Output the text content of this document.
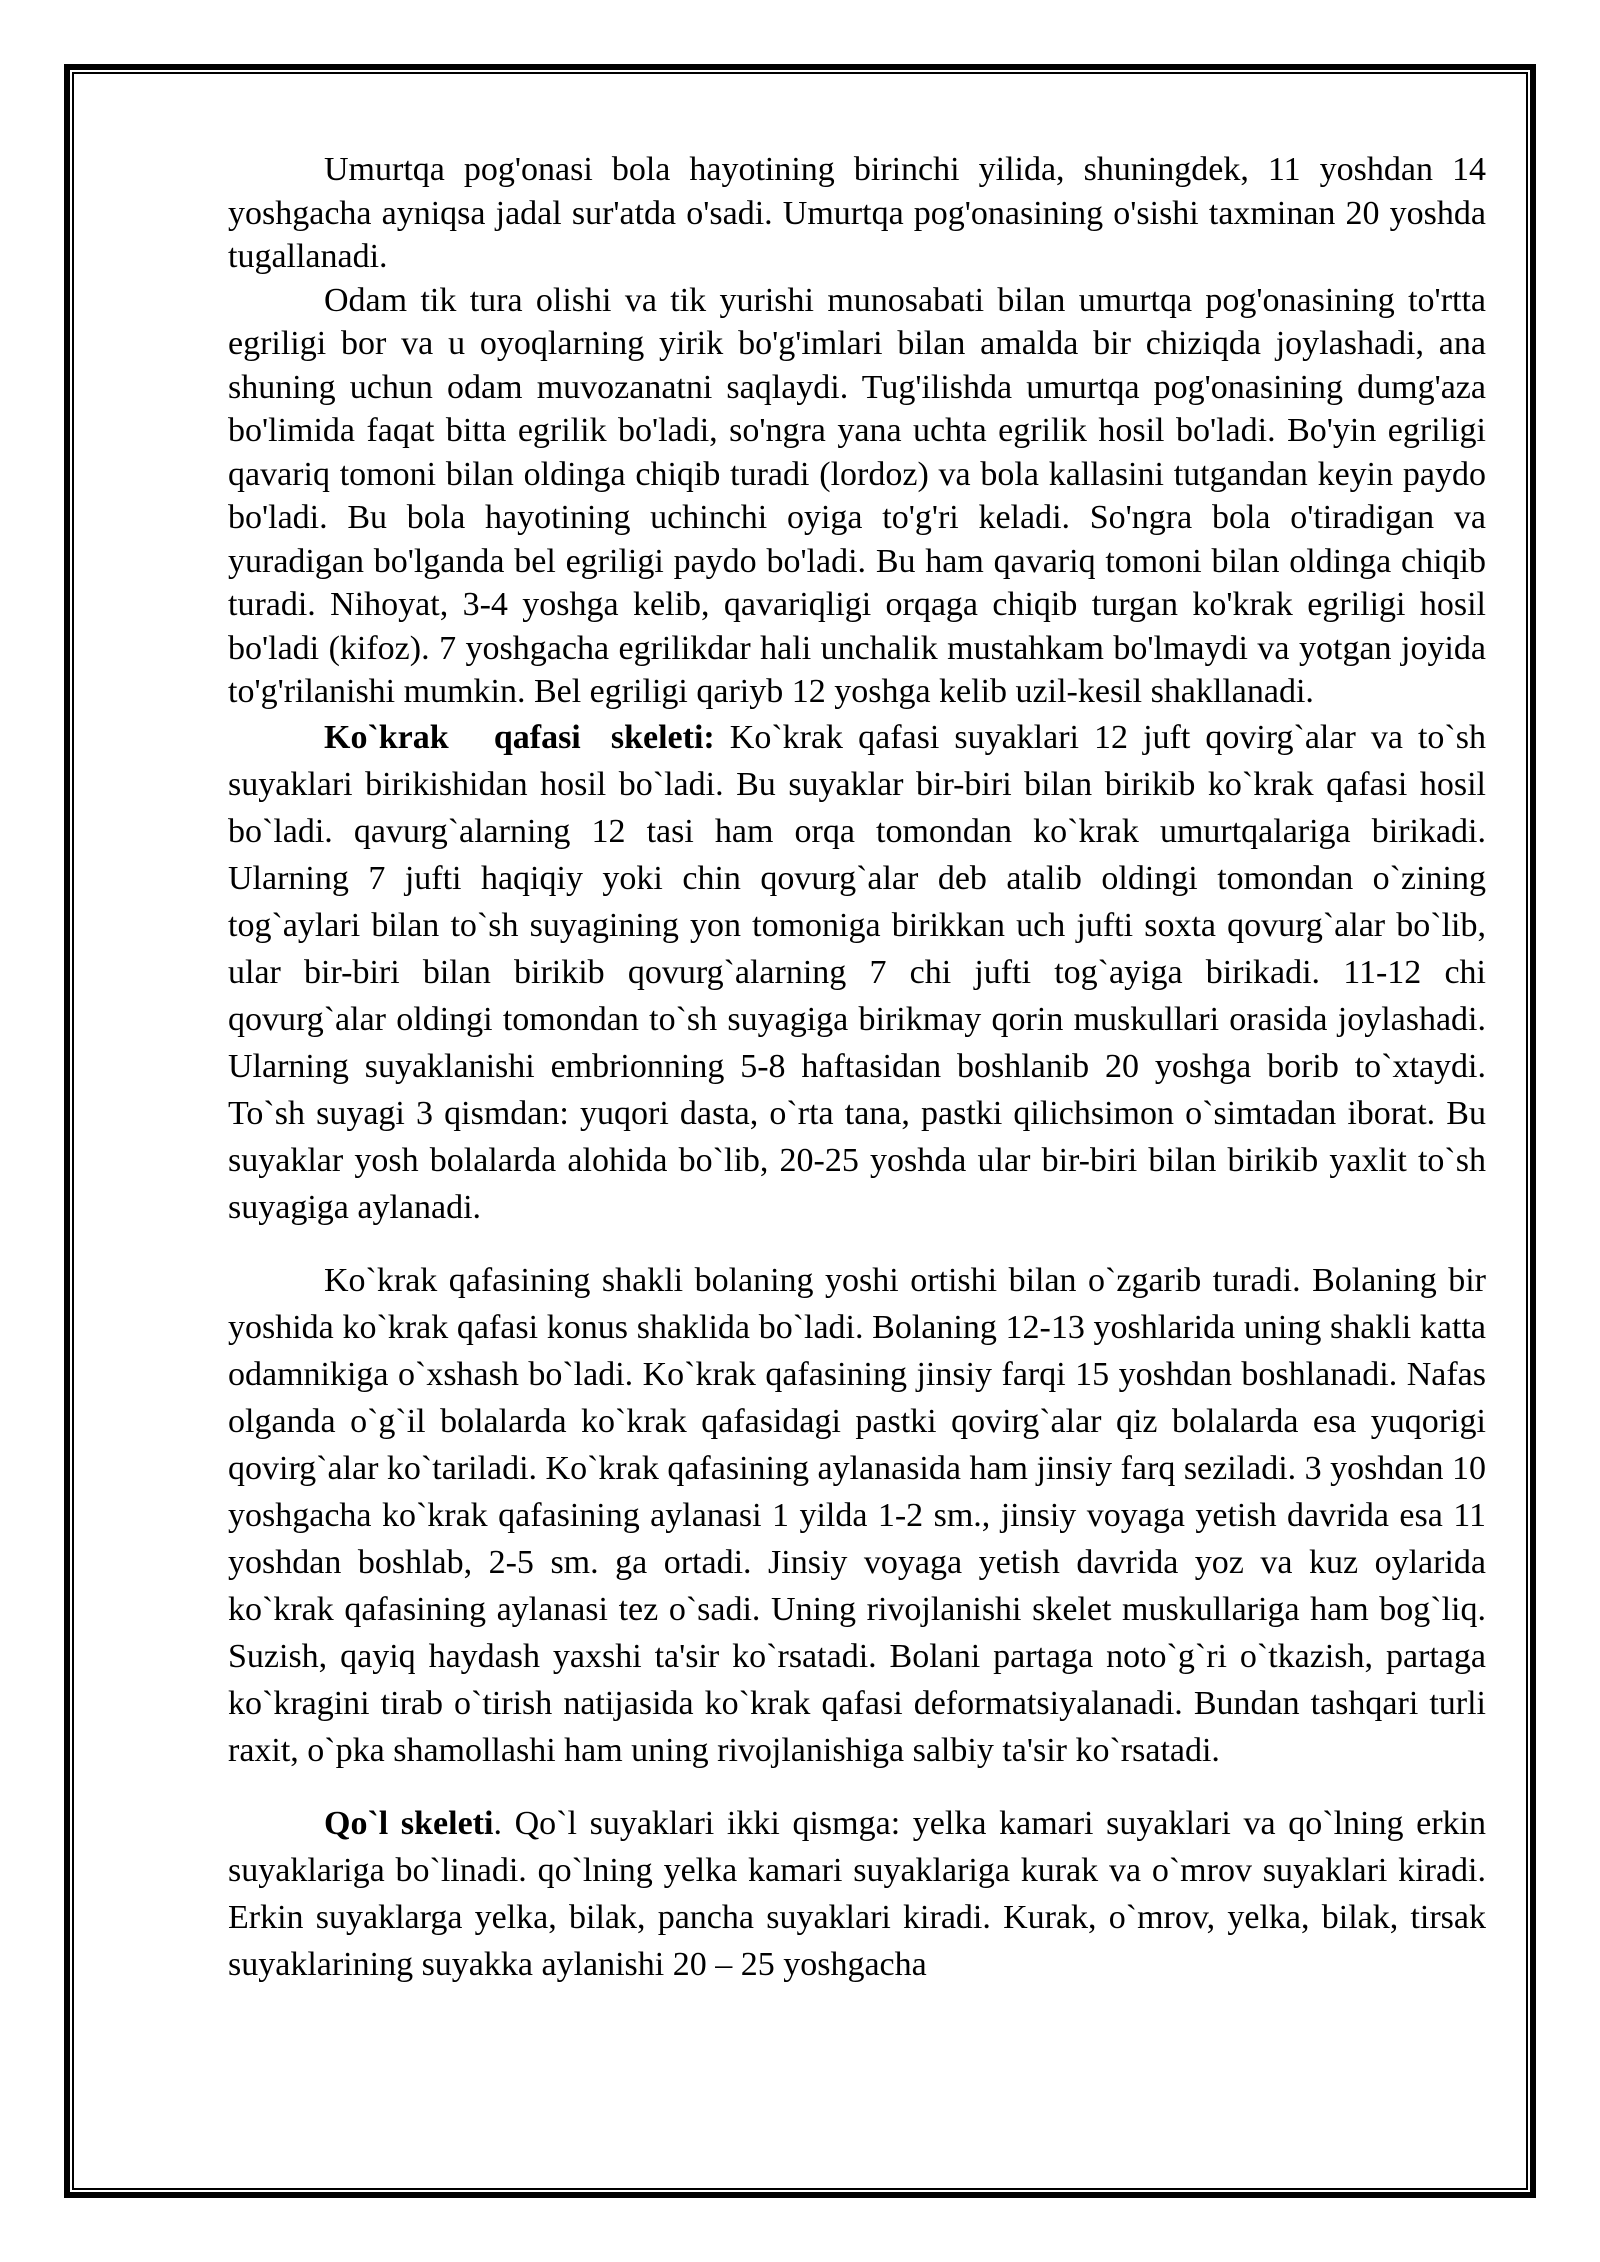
Umurtqa pog'onasi bola hayotining birinchi yilida, shuningdek, 11 yoshdan 14 yoshgacha ayniqsa jadal sur'atda o'sadi. Umurtqa pog'onasining o'sishi taxminan 20 yoshda tugallanadi.

Odam tik tura olishi va tik yurishi munosabati bilan umurtqa pog'onasining to'rtta egriligi bor va u oyoqlarning yirik bo'g'imlari bilan amalda bir chiziqda joylashadi, ana shuning uchun odam muvozanatni saqlaydi. Tug'ilishda umurtqa pog'onasining dumg'aza bo'limida faqat bitta egrilik bo'ladi, so'ngra yana uchta egrilik hosil bo'ladi. Bo'yin egriligi qavariq tomoni bilan oldinga chiqib turadi (lordoz) va bola kallasini tutgandan keyin paydo bo'ladi. Bu bola hayotining uchinchi oyiga to'g'ri keladi. So'ngra bola o'tiradigan va yuradigan bo'lganda bel egriligi paydo bo'ladi. Bu ham qavariq tomoni bilan oldinga chiqib turadi. Nihoyat, 3-4 yoshga kelib, qavariqligi orqaga chiqib turgan ko'krak egriligi hosil bo'ladi (kifoz). 7 yoshgacha egrilikdar hali unchalik mustahkam bo'lmaydi va yotgan joyida to'g'rilanishi mumkin. Bel egriligi qariyb 12 yoshga kelib uzil-kesil shakllanadi.

Ko`krak   qafasi  skeleti: Ko`krak qafasi suyaklari 12 juft qovirg`alar va to`sh suyaklari birikishidan hosil bo`ladi. Bu suyaklar bir-biri bilan birikib ko`krak qafasi hosil bo`ladi. qavurg`alarning 12 tasi ham orqa tomondan ko`krak umurtqalariga birikadi. Ularning 7 jufti haqiqiy yoki chin qovurg`alar deb atalib oldingi tomondan o`zining tog`aylari bilan to`sh suyagining yon tomoniga birikkan uch jufti soxta qovurg`alar bo`lib, ular bir-biri bilan birikib qovurg`alarning 7 chi jufti tog`ayiga birikadi. 11-12 chi qovurg`alar oldingi tomondan to`sh suyagiga birikmay qorin muskullari orasida joylashadi. Ularning suyaklanishi embrionning 5-8 haftasidan boshlanib 20 yoshga borib to`xtaydi. To`sh suyagi 3 qismdan: yuqori dasta, o`rta tana, pastki qilichsimon o`simtadan iborat. Bu suyaklar yosh bolalarda alohida bo`lib, 20-25 yoshda ular bir-biri bilan birikib yaxlit to`sh suyagiga aylanadi.

Ko`krak qafasining shakli bolaning yoshi ortishi bilan o`zgarib turadi. Bolaning bir yoshida ko`krak qafasi konus shaklida bo`ladi. Bolaning 12-13 yoshlarida uning shakli katta odamnikiga o`xshash bo`ladi. Ko`krak qafasining jinsiy farqi 15 yoshdan boshlanadi. Nafas olganda o`g`il bolalarda ko`krak qafasidagi pastki qovirg`alar qiz bolalarda esa yuqorigi qovirg`alar ko`tariladi. Ko`krak qafasining aylanasida ham jinsiy farq seziladi. 3 yoshdan 10 yoshgacha ko`krak qafasining aylanasi 1 yilda 1-2 sm., jinsiy voyaga yetish davrida esa 11 yoshdan boshlab, 2-5 sm. ga ortadi. Jinsiy voyaga yetish davrida yoz va kuz oylarida ko`krak qafasining aylanasi tez o`sadi. Uning rivojlanishi skelet muskullariga ham bog`liq. Suzish, qayiq haydash yaxshi ta'sir ko`rsatadi. Bolani partaga noto`g`ri o`tkazish, partaga ko`kragini tirab o`tirish natijasida ko`krak qafasi deformatsiyalanadi. Bundan tashqari turli raxit, o`pka shamollashi ham uning rivojlanishiga salbiy ta'sir ko`rsatadi.

Qo`l skeleti. Qo`l suyaklari ikki qismga: yelka kamari suyaklari va qo`lning erkin suyaklariga bo`linadi. qo`lning yelka kamari suyaklariga kurak va o`mrov suyaklari kiradi. Erkin suyaklarga yelka, bilak, pancha suyaklari kiradi. Kurak, o`mrov, yelka, bilak, tirsak suyaklarining suyakka aylanishi 20 – 25 yoshgacha
